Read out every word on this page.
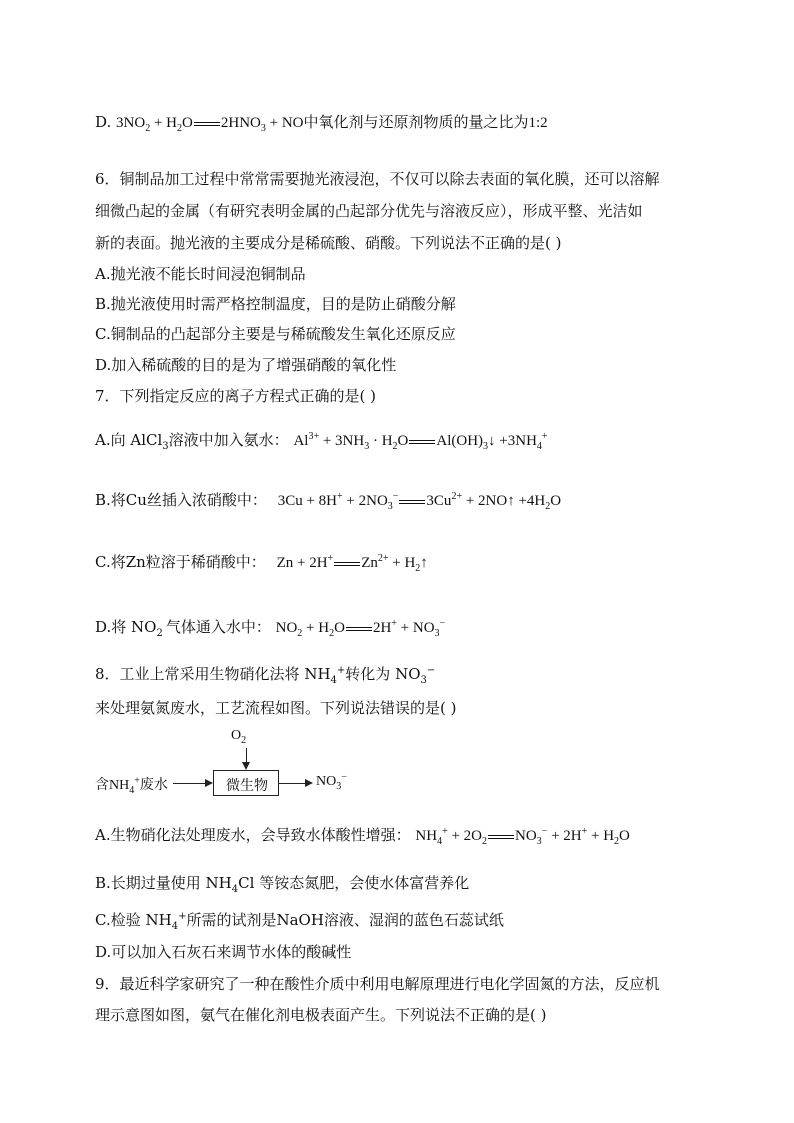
D. $3NO_2 + H_2O$ $2HNO_3$ + NO中氧化剂与还原剂物质的量之比为1:2
6．铜制品加工过程中常常需要抛光液浸泡，不仅可以除去表面的氧化膜，还可以溶解
细微凸起的金属（有研究表明金属的凸起部分优先与溶液反应），形成平整、光洁如
新的表面。抛光液的主要成分是稀硫酸、硝酸。下列说法不正确的是( )
A.抛光液不能长时间浸泡铜制品
B.抛光液使用时需严格控制温度，目的是防止硝酸分解
C.铜制品的凸起部分主要是与稀硫酸发生氧化还原反应
D.加入稀硫酸的目的是为了增强硝酸的氧化性
7．下列指定反应的离子方程式正确的是( )
A.向 AlCl$_3$溶液中加入氨水： $Al^{3+} + 3NH_3 \cdot H_2O$ $Al(OH)_3↓ +3NH_4^+$
B.将Cu丝插入浓硝酸中： $3Cu + 8H^+ + 2NO_3^-$ $3Cu^{2+}$ + 2NO↑ $+4H_2O$
C.将Zn粒溶于稀硝酸中： Zn + 2H+ $Zn^{2+}$ + $H_2↑$
D.将 $NO_2$ 气体通入水中： $NO_2 + H_2O$ $2H^+ + NO_3^-$
8．工业上常采用生物硝化法将 $NH_4^+$转化为 $NO_3^-$
来处理氨氮废水，工艺流程如图。下列说法错误的是( )
$O_2$
含$NH_4^+$废水	微生物	$NO_3^-$
A.生物硝化法处理废水，会导致水体酸性增强： $NH_4^+ + 2O_2$ $NO_3^- + 2H^+ + H_2O$
B.长期过量使用 $NH_4Cl$ 等铵态氮肥，会使水体富营养化
C.检验 $NH_4^+$所需的试剂是NaOH溶液、湿润的蓝色石蕊试纸
D.可以加入石灰石来调节水体的酸碱性
9．最近科学家研究了一种在酸性介质中利用电解原理进行电化学固氮的方法，反应机
理示意图如图，氨气在催化剂电极表面产生。下列说法不正确的是( )
